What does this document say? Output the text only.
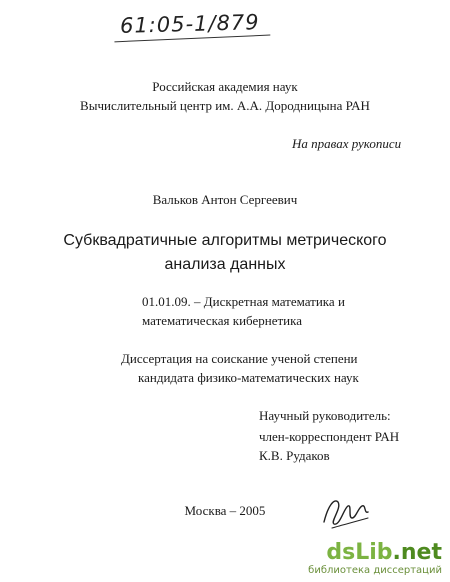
61:05-1/879
Российская академия наук
Вычислительный центр им. А.А. Дородницына РАН
На правах рукописи
Вальков Антон Сергеевич
Субквадратичные алгоритмы метрического
анализа данных
01.01.09. – Дискретная математика и
математическая кибернетика
Диссертация на соискание ученой степени
кандидата физико-математических наук
Научный руководитель:
член-корреспондент РАН
К.В. Рудаков
Москва – 2005
dsLib.net
библиотека диссертаций
